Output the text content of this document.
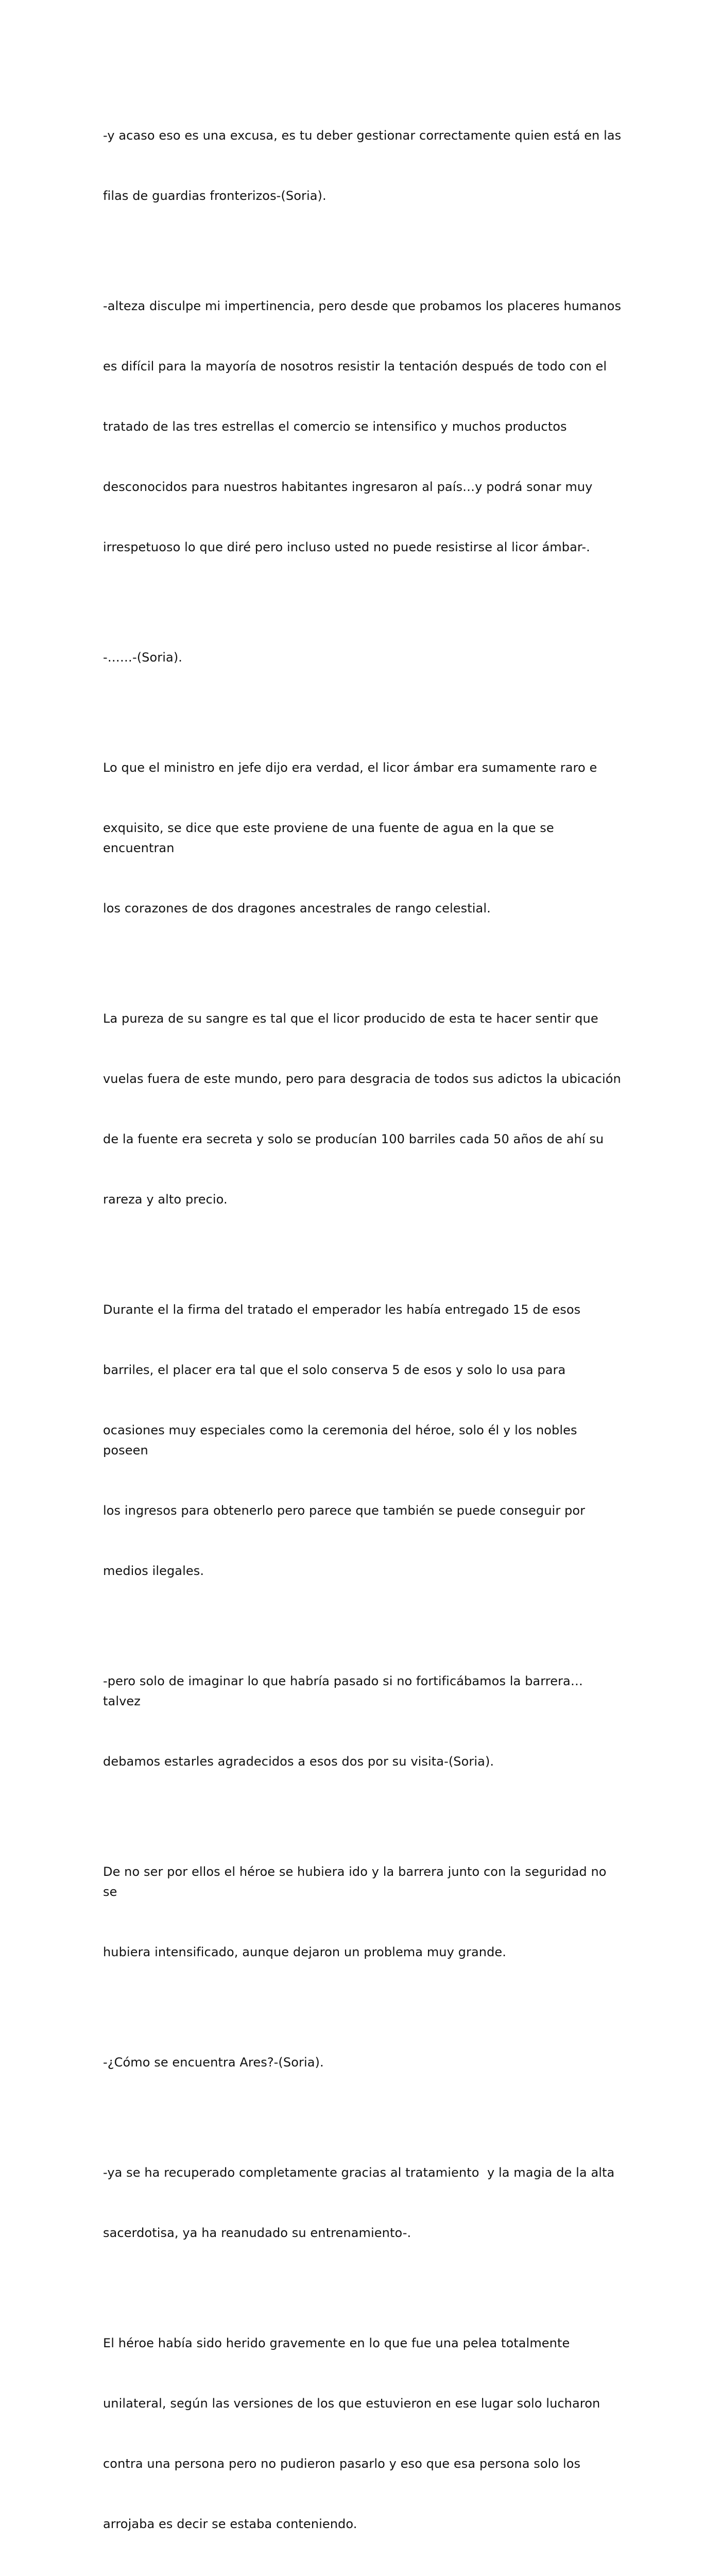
-y acaso eso es una excusa, es tu deber gestionar correctamente quien está en las

filas de guardias fronterizos-(Soria).

-alteza disculpe mi impertinencia, pero desde que probamos los placeres humanos

es difícil para la mayoría de nosotros resistir la tentación después de todo con el

tratado de las tres estrellas el comercio se intensifico y muchos productos

desconocidos para nuestros habitantes ingresaron al país…y podrá sonar muy

irrespetuoso lo que diré pero incluso usted no puede resistirse al licor ámbar-.

-……-(Soria).

Lo que el ministro en jefe dijo era verdad, el licor ámbar era sumamente raro e

exquisito, se dice que este proviene de una fuente de agua en la que se encuentran

los corazones de dos dragones ancestrales de rango celestial.

La pureza de su sangre es tal que el licor producido de esta te hacer sentir que

vuelas fuera de este mundo, pero para desgracia de todos sus adictos la ubicación

de la fuente era secreta y solo se producían 100 barriles cada 50 años de ahí su

rareza y alto precio.

Durante el la firma del tratado el emperador les había entregado 15 de esos

barriles, el placer era tal que el solo conserva 5 de esos y solo lo usa para

ocasiones muy especiales como la ceremonia del héroe, solo él y los nobles poseen

los ingresos para obtenerlo pero parece que también se puede conseguir por

medios ilegales.

-pero solo de imaginar lo que habría pasado si no fortificábamos la barrera… talvez

debamos estarles agradecidos a esos dos por su visita-(Soria).

De no ser por ellos el héroe se hubiera ido y la barrera junto con la seguridad no se

hubiera intensificado, aunque dejaron un problema muy grande.

-¿Cómo se encuentra Ares?-(Soria).

-ya se ha recuperado completamente gracias al tratamiento  y la magia de la alta

sacerdotisa, ya ha reanudado su entrenamiento-.

El héroe había sido herido gravemente en lo que fue una pelea totalmente

unilateral, según las versiones de los que estuvieron en ese lugar solo lucharon

contra una persona pero no pudieron pasarlo y eso que esa persona solo los

arrojaba es decir se estaba conteniendo.
